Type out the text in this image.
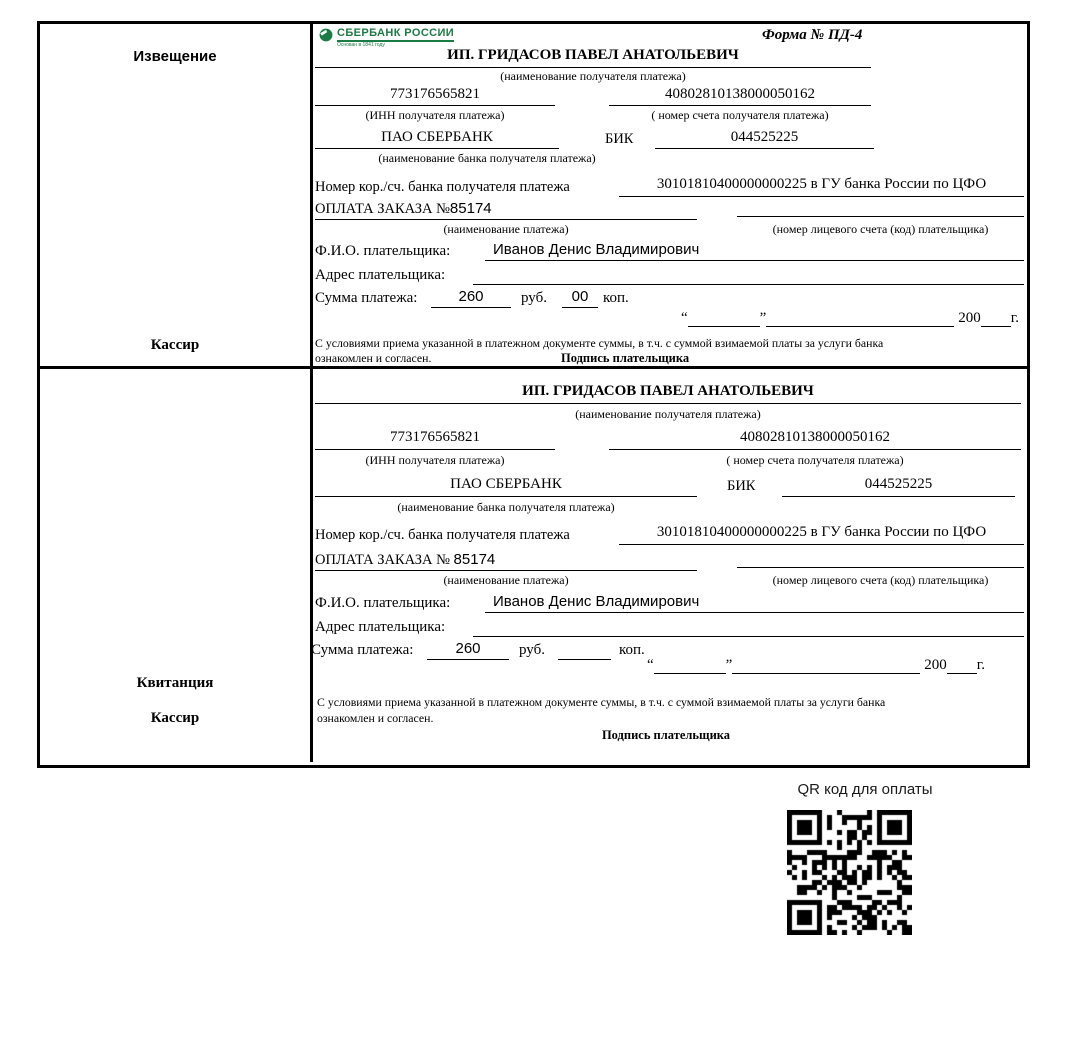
Извещение
Кассир
СБЕРБАНК РОССИИ
Основан в 1841 году
Форма № ПД-4
ИП. ГРИДАСОВ ПАВЕЛ АНАТОЛЬЕВИЧ
(наименование получателя платежа)
773176565821	40802810138000050162
(ИНН получателя платежа)	( номер счета получателя платежа)
ПАО СБЕРБАНК	БИК	044525225
(наименование банка получателя платежа)
Номер кор./сч. банка получателя платежа	30101810400000000225 в ГУ банка России по ЦФО
ОПЛАТА ЗАКАЗА №85174
(наименование платежа)	(номер лицевого счета (код) плательщика)
Ф.И.О. плательщика:	Иванов Денис Владимирович
Адрес плательщика:
Сумма платежа:	260	руб.	00 коп.
“	”	200 г.
С условиями приема указанной в платежном документе суммы, в т.ч. с суммой взимаемой платы за услуги банка
ознакомлен и согласен.	Подпись плательщика
Квитанция
Кассир
ИП. ГРИДАСОВ ПАВЕЛ АНАТОЛЬЕВИЧ
(наименование получателя платежа)
773176565821	40802810138000050162
(ИНН получателя платежа)	( номер счета получателя платежа)
ПАО СБЕРБАНК	БИК	044525225
(наименование банка получателя платежа)
Номер кор./сч. банка получателя платежа	30101810400000000225 в ГУ банка России по ЦФО
ОПЛАТА ЗАКАЗА № 85174
(наименование платежа)	(номер лицевого счета (код) плательщика)
Ф.И.О. плательщика:	Иванов Денис Владимирович
Адрес плательщика:
Сумма платежа:	260	руб.	коп.
“	”	200 г.
С условиями приема указанной в платежном документе суммы, в т.ч. с суммой взимаемой платы за услуги банка
ознакомлен и согласен.
Подпись плательщика
QR код для оплаты
